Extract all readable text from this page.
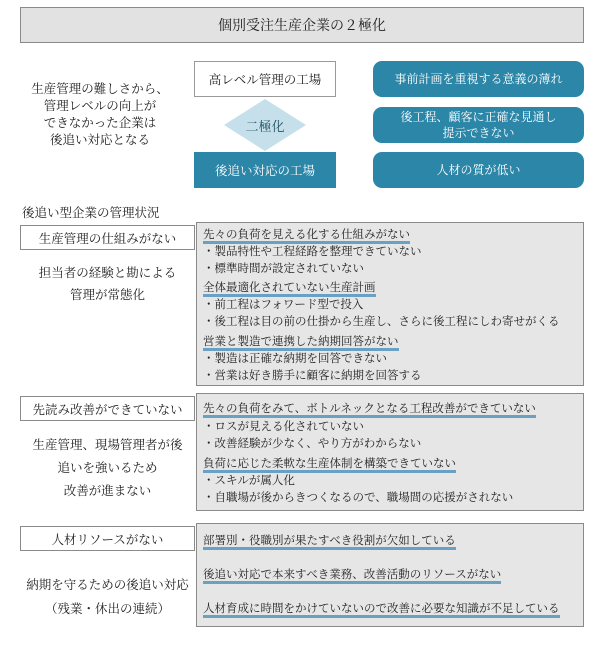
個別受注生産企業の２極化
生産管理の難しさから、
管理レベルの向上が
できなかった企業は
後追い対応となる
高レベル管理の工場
二極化
後追い対応の工場
事前計画を重視する意義の薄れ
後工程、顧客に正確な見通し
提示できない
人材の質が低い
後追い型企業の管理状況
生産管理の仕組みがない
担当者の経験と勘による
管理が常態化
先々の負荷を見える化する仕組みがない
・製品特性や工程経路を整理できていない
・標準時間が設定されていない
全体最適化されていない生産計画
・前工程はフォワード型で投入
・後工程は目の前の仕掛から生産し、さらに後工程にしわ寄せがくる
営業と製造で連携した納期回答がない
・製造は正確な納期を回答できない
・営業は好き勝手に顧客に納期を回答する
先読み改善ができていない
生産管理、現場管理者が後
追いを強いるため
改善が進まない
先々の負荷をみて、ボトルネックとなる工程改善ができていない
・ロスが見える化されていない
・改善経験が少なく、やり方がわからない
負荷に応じた柔軟な生産体制を構築できていない
・スキルが属人化
・自職場が後からきつくなるので、職場間の応援がされない
人材リソースがない
納期を守るための後追い対応
（残業・休出の連続）
部署別・役職別が果たすべき役割が欠如している
後追い対応で本来すべき業務、改善活動のリソースがない
人材育成に時間をかけていないので改善に必要な知識が不足している
